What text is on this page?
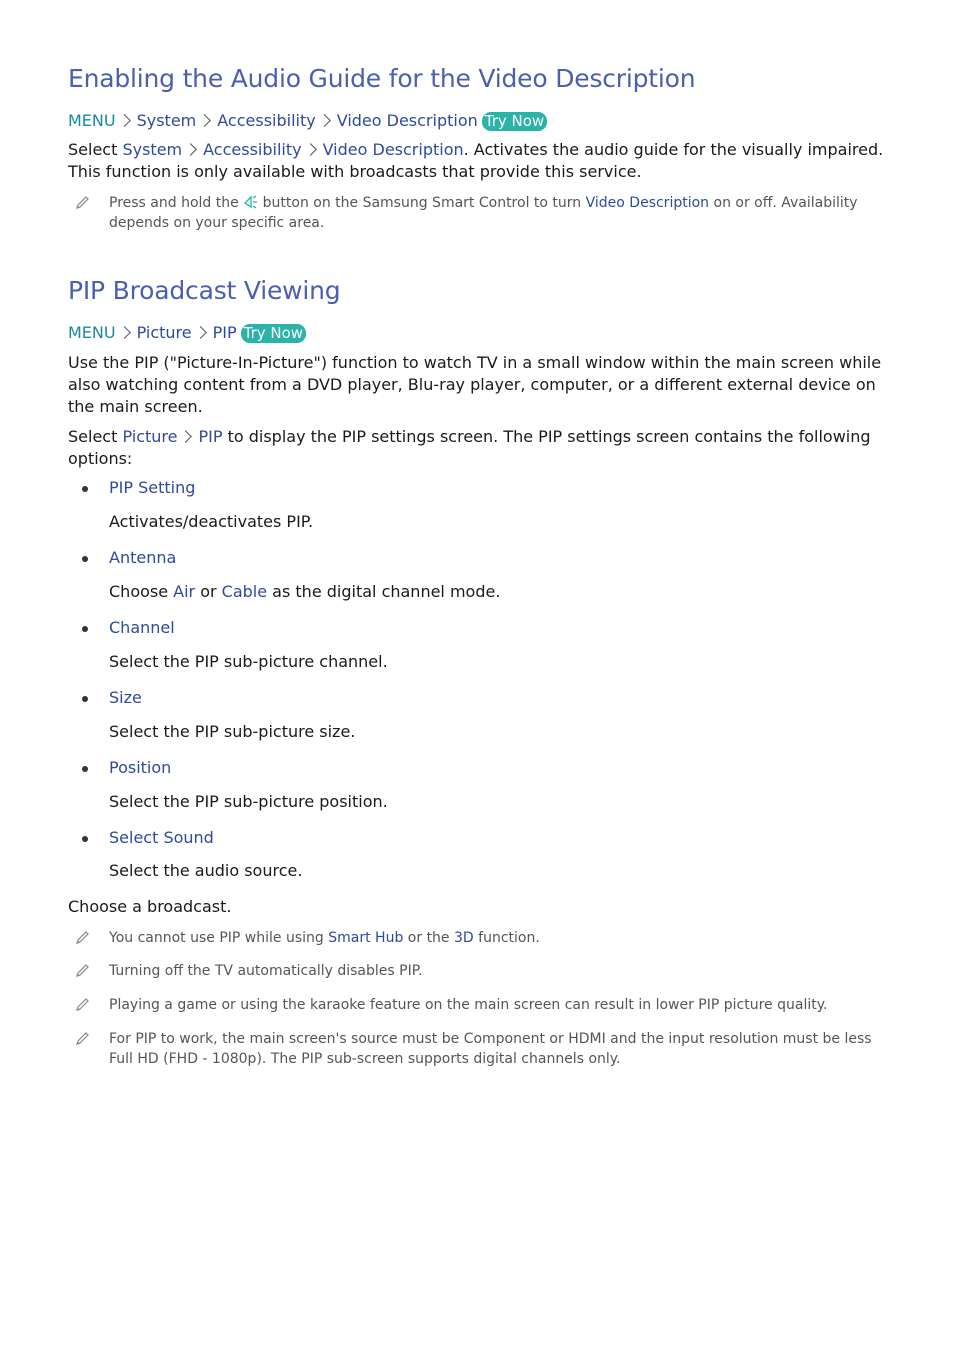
Enabling the Audio Guide for the Video Description
MENU System Accessibility Video Description Try Now
Select System Accessibility Video Description. Activates the audio guide for the visually impaired. This function is only available with broadcasts that provide this service.
Press and hold the  button on the Samsung Smart Control to turn Video Description on or off. Availability depends on your specific area.
PIP Broadcast Viewing
MENU Picture PIP Try Now
Use the PIP ("Picture-In-Picture") function to watch TV in a small window within the main screen while also watching content from a DVD player, Blu-ray player, computer, or a different external device on the main screen.
Select Picture PIP to display the PIP settings screen. The PIP settings screen contains the following options:
PIP Setting
Activates/deactivates PIP.
Antenna
Choose Air or Cable as the digital channel mode.
Channel
Select the PIP sub-picture channel.
Size
Select the PIP sub-picture size.
Position
Select the PIP sub-picture position.
Select Sound
Select the audio source.
Choose a broadcast.
You cannot use PIP while using Smart Hub or the 3D function.
Turning off the TV automatically disables PIP.
Playing a game or using the karaoke feature on the main screen can result in lower PIP picture quality.
For PIP to work, the main screen's source must be Component or HDMI and the input resolution must be less Full HD (FHD - 1080p). The PIP sub-screen supports digital channels only.
